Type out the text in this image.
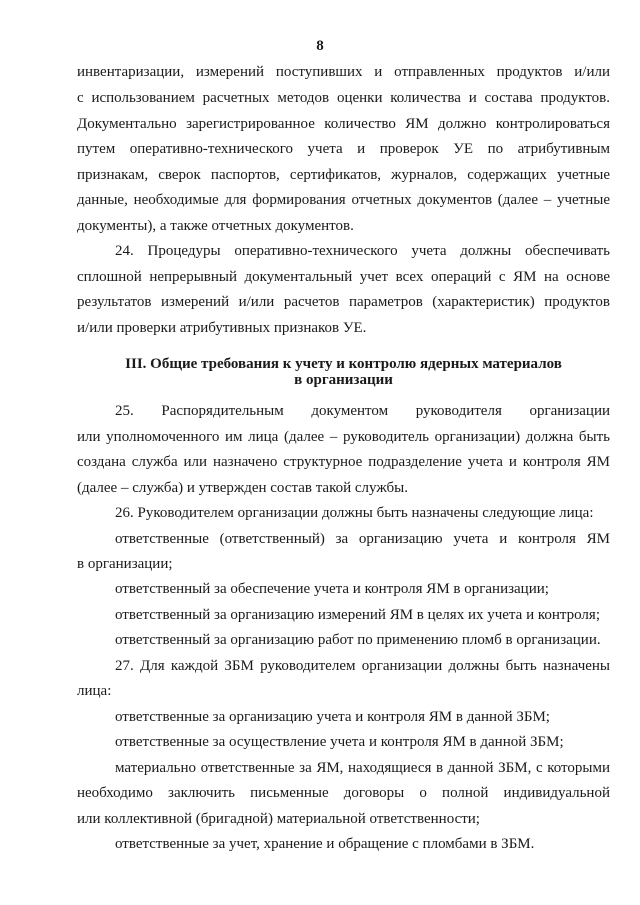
8
инвентаризации, измерений поступивших и отправленных продуктов и/или
с использованием расчетных методов оценки количества и состава продуктов.
Документально зарегистрированное количество ЯМ должно контролироваться
путем оперативно-технического учета и проверок УЕ по атрибутивным
признакам, сверок паспортов, сертификатов, журналов, содержащих учетные
данные, необходимые для формирования отчетных документов (далее – учетные
документы), а также отчетных документов.
24. Процедуры оперативно-технического учета должны обеспечивать
сплошной непрерывный документальный учет всех операций с ЯМ на основе
результатов измерений и/или расчетов параметров (характеристик) продуктов
и/или проверки атрибутивных признаков УЕ.
III. Общие требования к учету и контролю ядерных материалов
в организации
25. Распорядительным документом руководителя организации
или уполномоченного им лица (далее – руководитель организации) должна быть
создана служба или назначено структурное подразделение учета и контроля ЯМ
(далее – служба) и утвержден состав такой службы.
26. Руководителем организации должны быть назначены следующие лица:
ответственные (ответственный) за организацию учета и контроля ЯМ
в организации;
ответственный за обеспечение учета и контроля ЯМ в организации;
ответственный за организацию измерений ЯМ в целях их учета и контроля;
ответственный за организацию работ по применению пломб в организации.
27. Для каждой ЗБМ руководителем организации должны быть назначены
лица:
ответственные за организацию учета и контроля ЯМ в данной ЗБМ;
ответственные за осуществление учета и контроля ЯМ в данной ЗБМ;
материально ответственные за ЯМ, находящиеся в данной ЗБМ, с которыми
необходимо заключить письменные договоры о полной индивидуальной
или коллективной (бригадной) материальной ответственности;
ответственные за учет, хранение и обращение с пломбами в ЗБМ.
